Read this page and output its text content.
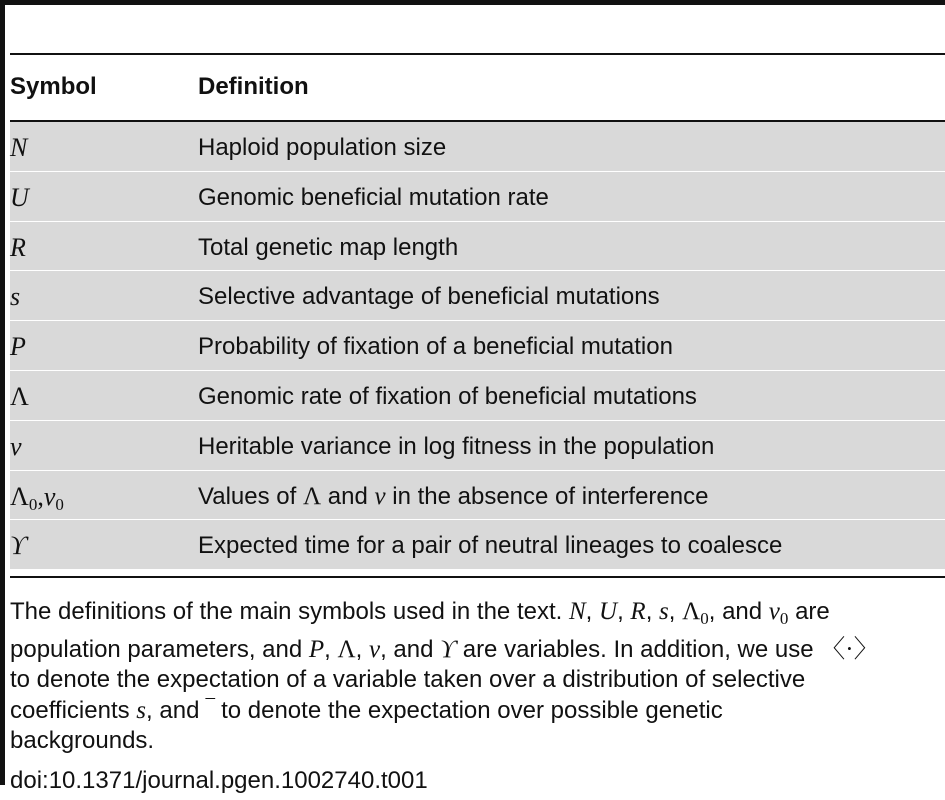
Symbol	Definition
N	Haploid population size
U	Genomic beneficial mutation rate
R	Total genetic map length
s	Selective advantage of beneficial mutations
P	Probability of fixation of a beneficial mutation
Λ	Genomic rate of fixation of beneficial mutations
v	Heritable variance in log fitness in the population
$\Lambda_0,v_0$	Values of Λ and v in the absence of interference
ϒ	Expected time for a pair of neutral lineages to coalesce
The definitions of the main symbols used in the text. N, U, R, s, $\Lambda_0$, and $v_0$ are
population parameters, and P, Λ, v, and ϒ are variables. In addition, we use 〈·〉
to denote the expectation of a variable taken over a distribution of selective
coefficients s, and ‾ to denote the expectation over possible genetic
backgrounds.
doi:10.1371/journal.pgen.1002740.t001
